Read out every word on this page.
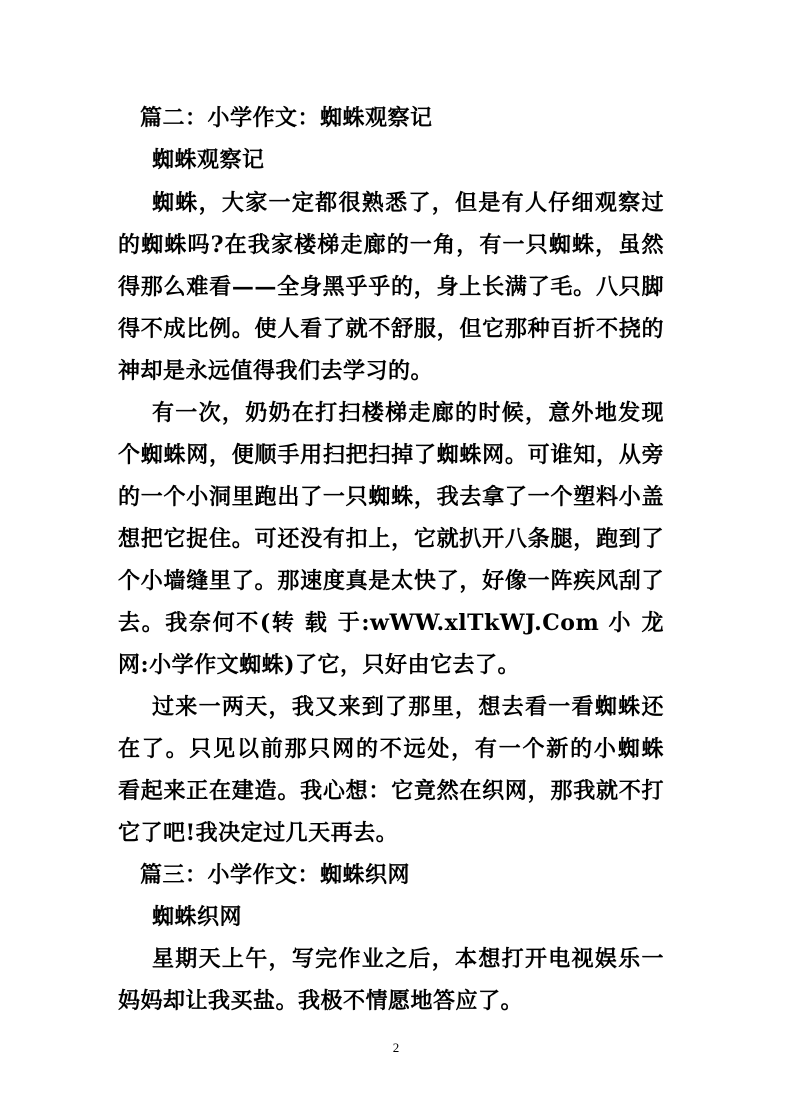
篇二：小学作文：蜘蛛观察记
蜘蛛观察记
蜘蛛，大家一定都很熟悉了，但是有人仔细观察过
的蜘蛛吗?在我家楼梯走廊的一角，有一只蜘蛛，虽然
得那么难看——全身黑乎乎的，身上长满了毛。八只脚
得不成比例。使人看了就不舒服，但它那种百折不挠的
神却是永远值得我们去学习的。
有一次，奶奶在打扫楼梯走廊的时候，意外地发现
个蜘蛛网，便顺手用扫把扫掉了蜘蛛网。可谁知，从旁
的一个小洞里跑出了一只蜘蛛，我去拿了一个塑料小盖
想把它捉住。可还没有扣上，它就扒开八条腿，跑到了
个小墙缝里了。那速度真是太快了，好像一阵疾风刮了
去。我奈何不(转 载 于:wWW.xlTkWJ.Com 小 龙
网:小学作文蜘蛛)了它，只好由它去了。
过来一两天，我又来到了那里，想去看一看蜘蛛还
在了。只见以前那只网的不远处，有一个新的小蜘蛛
看起来正在建造。我心想：它竟然在织网，那我就不打
它了吧!我决定过几天再去。
篇三：小学作文：蜘蛛织网
蜘蛛织网
星期天上午，写完作业之后，本想打开电视娱乐一
妈妈却让我买盐。我极不情愿地答应了。
2
